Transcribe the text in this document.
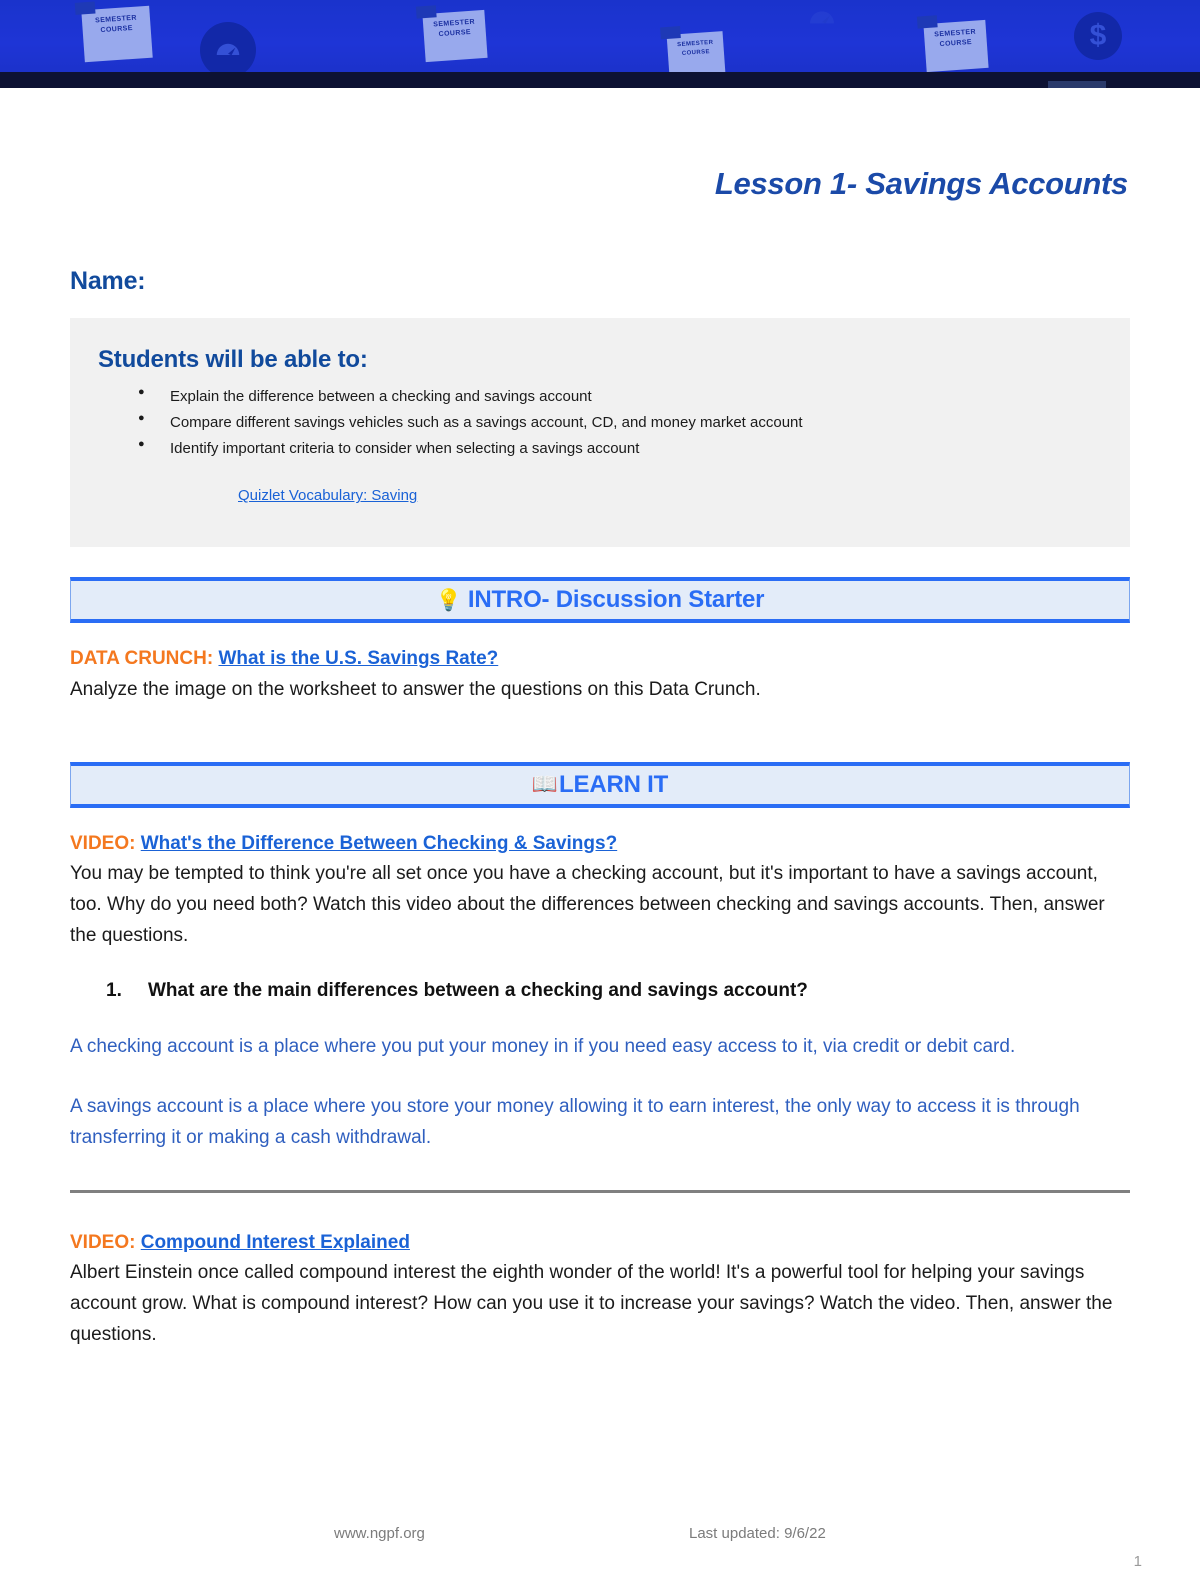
SEMESTER
COURSE
SEMESTER
COURSE
SEMESTER
COURSE
SEMESTER
COURSE	$
Lesson 1- Savings Accounts
Name:
Students will be able to:
● Explain the difference between a checking and savings account
● Compare different savings vehicles such as a savings account, CD, and money market account
● Identify important criteria to consider when selecting a savings account
Quizlet Vocabulary: Saving
💡 INTRO- Discussion Starter
DATA CRUNCH: What is the U.S. Savings Rate?

Analyze the image on the worksheet to answer the questions on this Data Crunch.

📖 LEARN IT
VIDEO: What's the Difference Between Checking & Savings?

You may be tempted to think you're all set once you have a checking account, but it's important to have a savings account, too. Why do you need both? Watch this video about the differences between checking and savings accounts. Then, answer the questions.

1. What are the main differences between a checking and savings account?

A checking account is a place where you put your money in if you need easy access to it, via credit or debit card.

A savings account is a place where you store your money allowing it to earn interest, the only way to access it is through transferring it or making a cash withdrawal.

VIDEO: Compound Interest Explained

Albert Einstein once called compound interest the eighth wonder of the world! It's a powerful tool for helping your savings account grow. What is compound interest? How can you use it to increase your savings? Watch the video. Then, answer the questions.

www.ngpf.org	Last updated: 9/6/22
1
